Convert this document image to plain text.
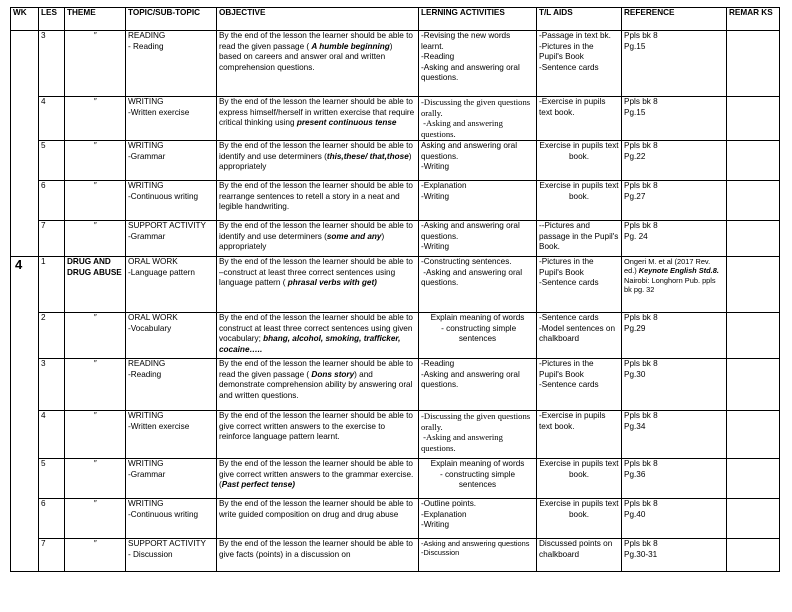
WK	LES	THEME	TOPIC/SUB-TOPIC	OBJECTIVE	LERNING ACTIVITIES	T/L AIDS	REFERENCE	REMAR KS
	3	″	READING
- Reading	By the end of the lesson the learner should be able to read the given passage ( A humble beginning) based on careers and answer oral and written comprehension questions.	-Revising the new words learnt.
-Reading
-Asking and answering oral questions.	-Passage in text bk.
-Pictures in the Pupil's Book
-Sentence cards	Ppls bk 8
Pg.15	

	4	″	WRITING
-Written exercise	By the end of the lesson the learner should be able to express himself/herself in written exercise that require critical thinking using present continuous tense	-Discussing the given questions orally.
-Asking and answering questions.	-Exercise in pupils text book.	Ppls bk 8
Pg.15	

	5	″	WRITING
-Grammar	By the end of the lesson the learner should be able to identify and use determiners (this,these/ that,those) appropriately	Asking and answering oral questions.
-Writing	Exercise in pupils text book.	Ppls bk 8
Pg.22	

	6	″	WRITING
-Continuous writing	By the end of the lesson the learner should be able to rearrange sentences to retell a story in a neat and legible handwriting.	-Explanation
-Writing	Exercise in pupils text book.	Ppls bk 8
Pg.27	

	7	″	SUPPORT ACTIVITY
-Grammar	By the end of the lesson the learner should be able to identify and use determiners (some and any) appropriately	-Asking and answering oral questions.
-Writing	--Pictures and passage in the Pupil's Book.	Ppls bk 8
Pg. 24	

4	1	DRUG AND DRUG ABUSE	ORAL WORK
-Language pattern	By the end of the lesson the learner should be able to –construct at least three correct sentences using language pattern ( phrasal verbs with get)	-Constructing sentences.
-Asking and answering oral questions.	-Pictures in the Pupil's Book
-Sentence cards	Ongeri M. et al (2017 Rev. ed.) Keynote English Std.8. Nairobi: Longhorn Pub. ppls bk pg. 32	
	2	″	ORAL WORK
-Vocabulary	By the end of the lesson the learner should be able to construct at least three correct sentences using given vocabulary; bhang, alcohol, smoking, trafficker, cocaine…..	Explain meaning of words
- constructing simple sentences	-Sentence cards
-Model sentences on chalkboard	Ppls bk 8
Pg.29	

	3	″	READING
-Reading	By the end of the lesson the learner should be able to read the given passage ( Dons story) and demonstrate comprehension ability by answering oral and written questions.	-Reading
-Asking and answering oral questions.	-Pictures in the Pupil's Book
-Sentence cards	Ppls bk 8
Pg.30	

	4	″	WRITING
-Written exercise	By the end of the lesson the learner should be able to give correct written answers to the exercise to reinforce language pattern learnt.	-Discussing the given questions orally.
-Asking and answering questions.	-Exercise in pupils text book.	Ppls bk 8
Pg.34	

	5	″	WRITING
-Grammar	By the end of the lesson the learner should be able to give correct written answers to the grammar exercise. (Past perfect tense)	Explain meaning of words
- constructing simple sentences	Exercise in pupils text book.	Ppls bk 8
Pg.36	

	6	″	WRITING
-Continuous writing	By the end of the lesson the learner should be able to write guided composition on drug and drug abuse	-Outline points.
-Explanation
-Writing	Exercise in pupils text book.	Ppls bk 8
Pg.40	

	7	″	SUPPORT ACTIVITY
- Discussion	By the end of the lesson the learner should be able to give facts (points) in a discussion on	-Asking and answering questions
-Discussion	Discussed points on chalkboard	Ppls bk 8
Pg.30-31	
